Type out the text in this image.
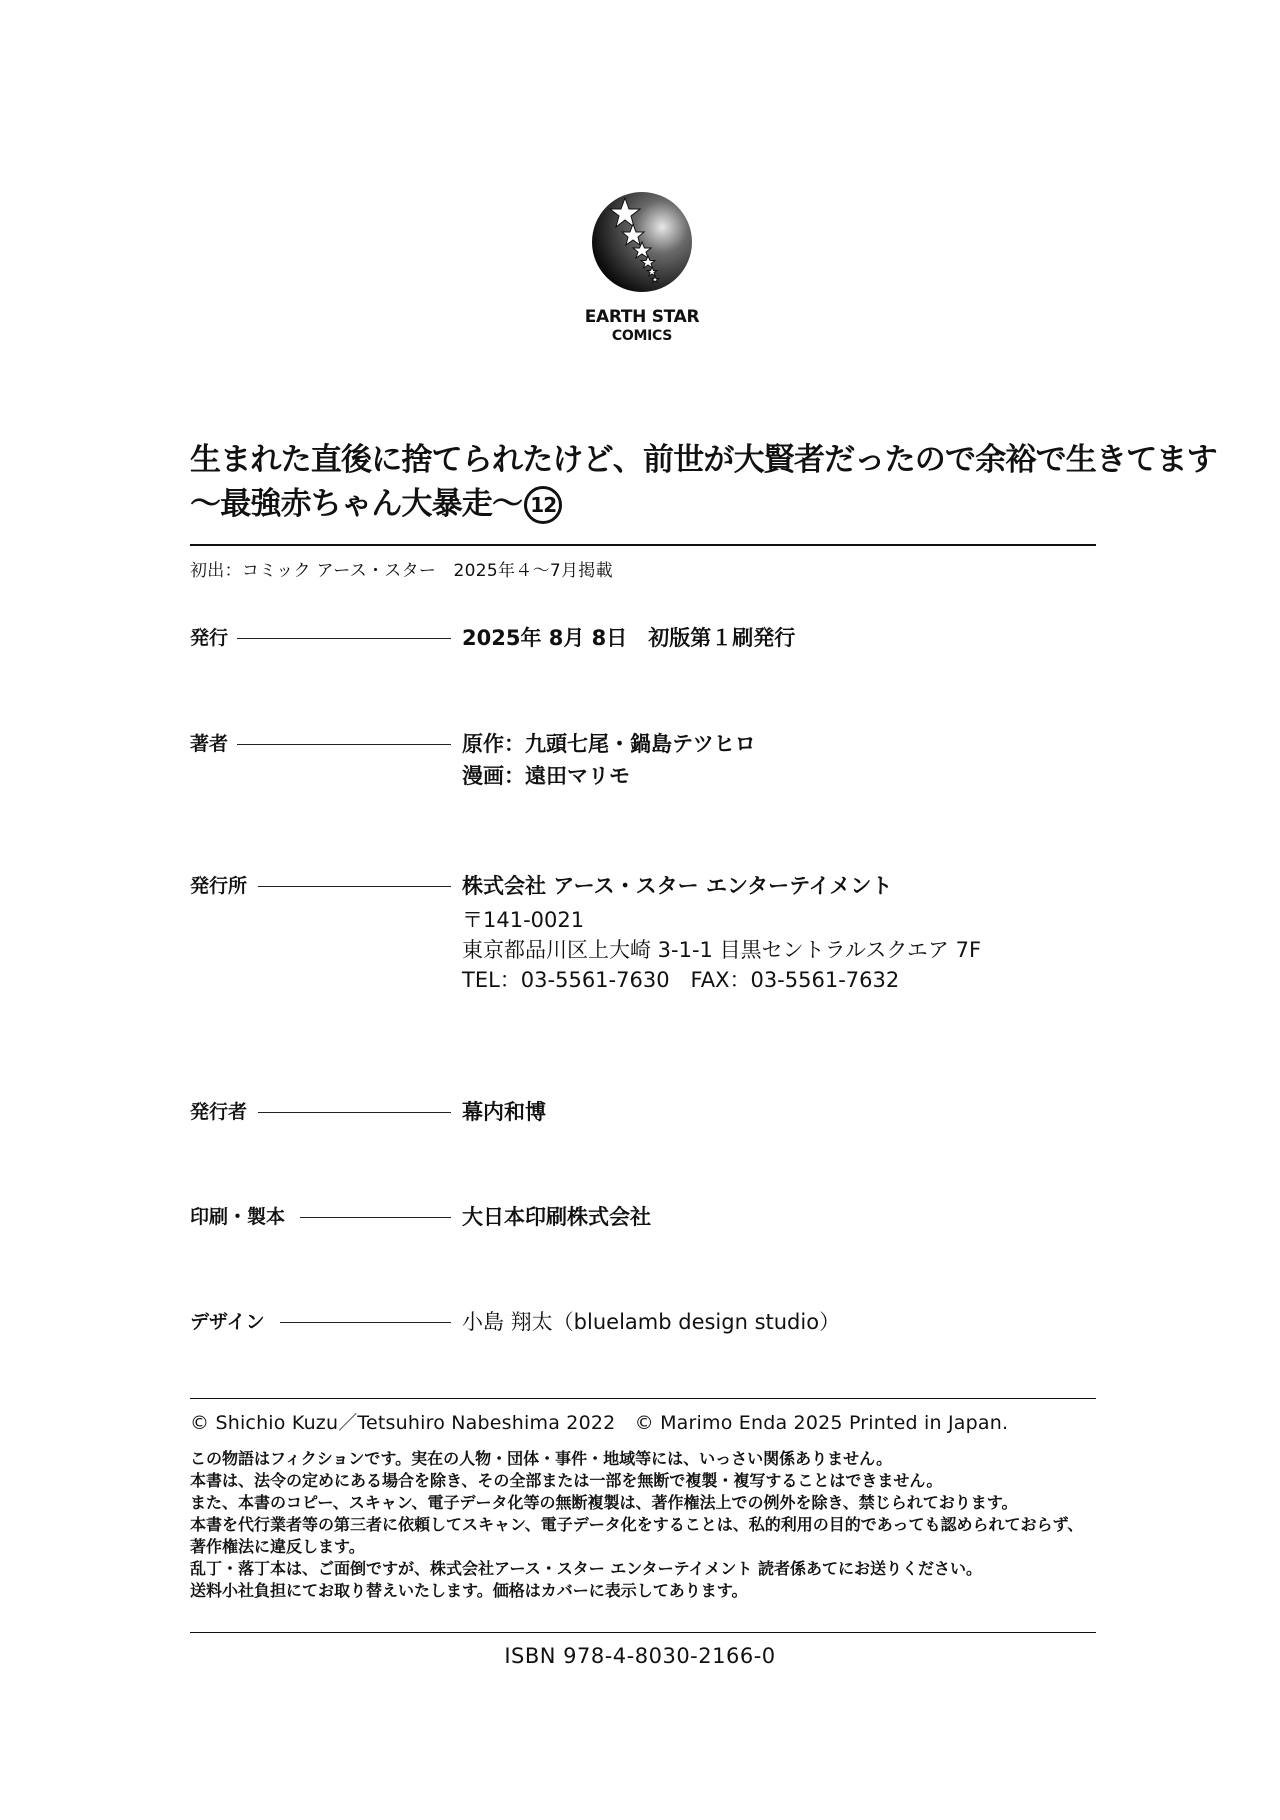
EARTH STAR
COMICS
生まれた直後に捨てられたけど、前世が大賢者だったので余裕で生きてます
～最強赤ちゃん大暴走～ 12
初出：コミック アース・スター　2025年４～7月掲載
発行	2025年 8月 8日　初版第１刷発行
著者	原作：九頭七尾・鍋島テツヒロ
漫画：遠田マリモ
発行所	株式会社 アース・スター エンターテイメント
〒141-0021
東京都品川区上大崎 3-1-1 目黒セントラルスクエア 7F
TEL：03-5561-7630　FAX：03-5561-7632
発行者	幕内和博
印刷・製本	大日本印刷株式会社
デザイン	小島 翔太（bluelamb design studio）
© Shichio Kuzu／Tetsuhiro Nabeshima 2022　© Marimo Enda 2025 Printed in Japan.
この物語はフィクションです。実在の人物・団体・事件・地域等には、いっさい関係ありません。
本書は、法令の定めにある場合を除き、その全部または一部を無断で複製・複写することはできません。
また、本書のコピー、スキャン、電子データ化等の無断複製は、著作権法上での例外を除き、禁じられております。
本書を代行業者等の第三者に依頼してスキャン、電子データ化をすることは、私的利用の目的であっても認められておらず、
著作権法に違反します。
乱丁・落丁本は、ご面倒ですが、株式会社アース・スター エンターテイメント 読者係あてにお送りください。
送料小社負担にてお取り替えいたします。価格はカバーに表示してあります。
ISBN 978-4-8030-2166-0
